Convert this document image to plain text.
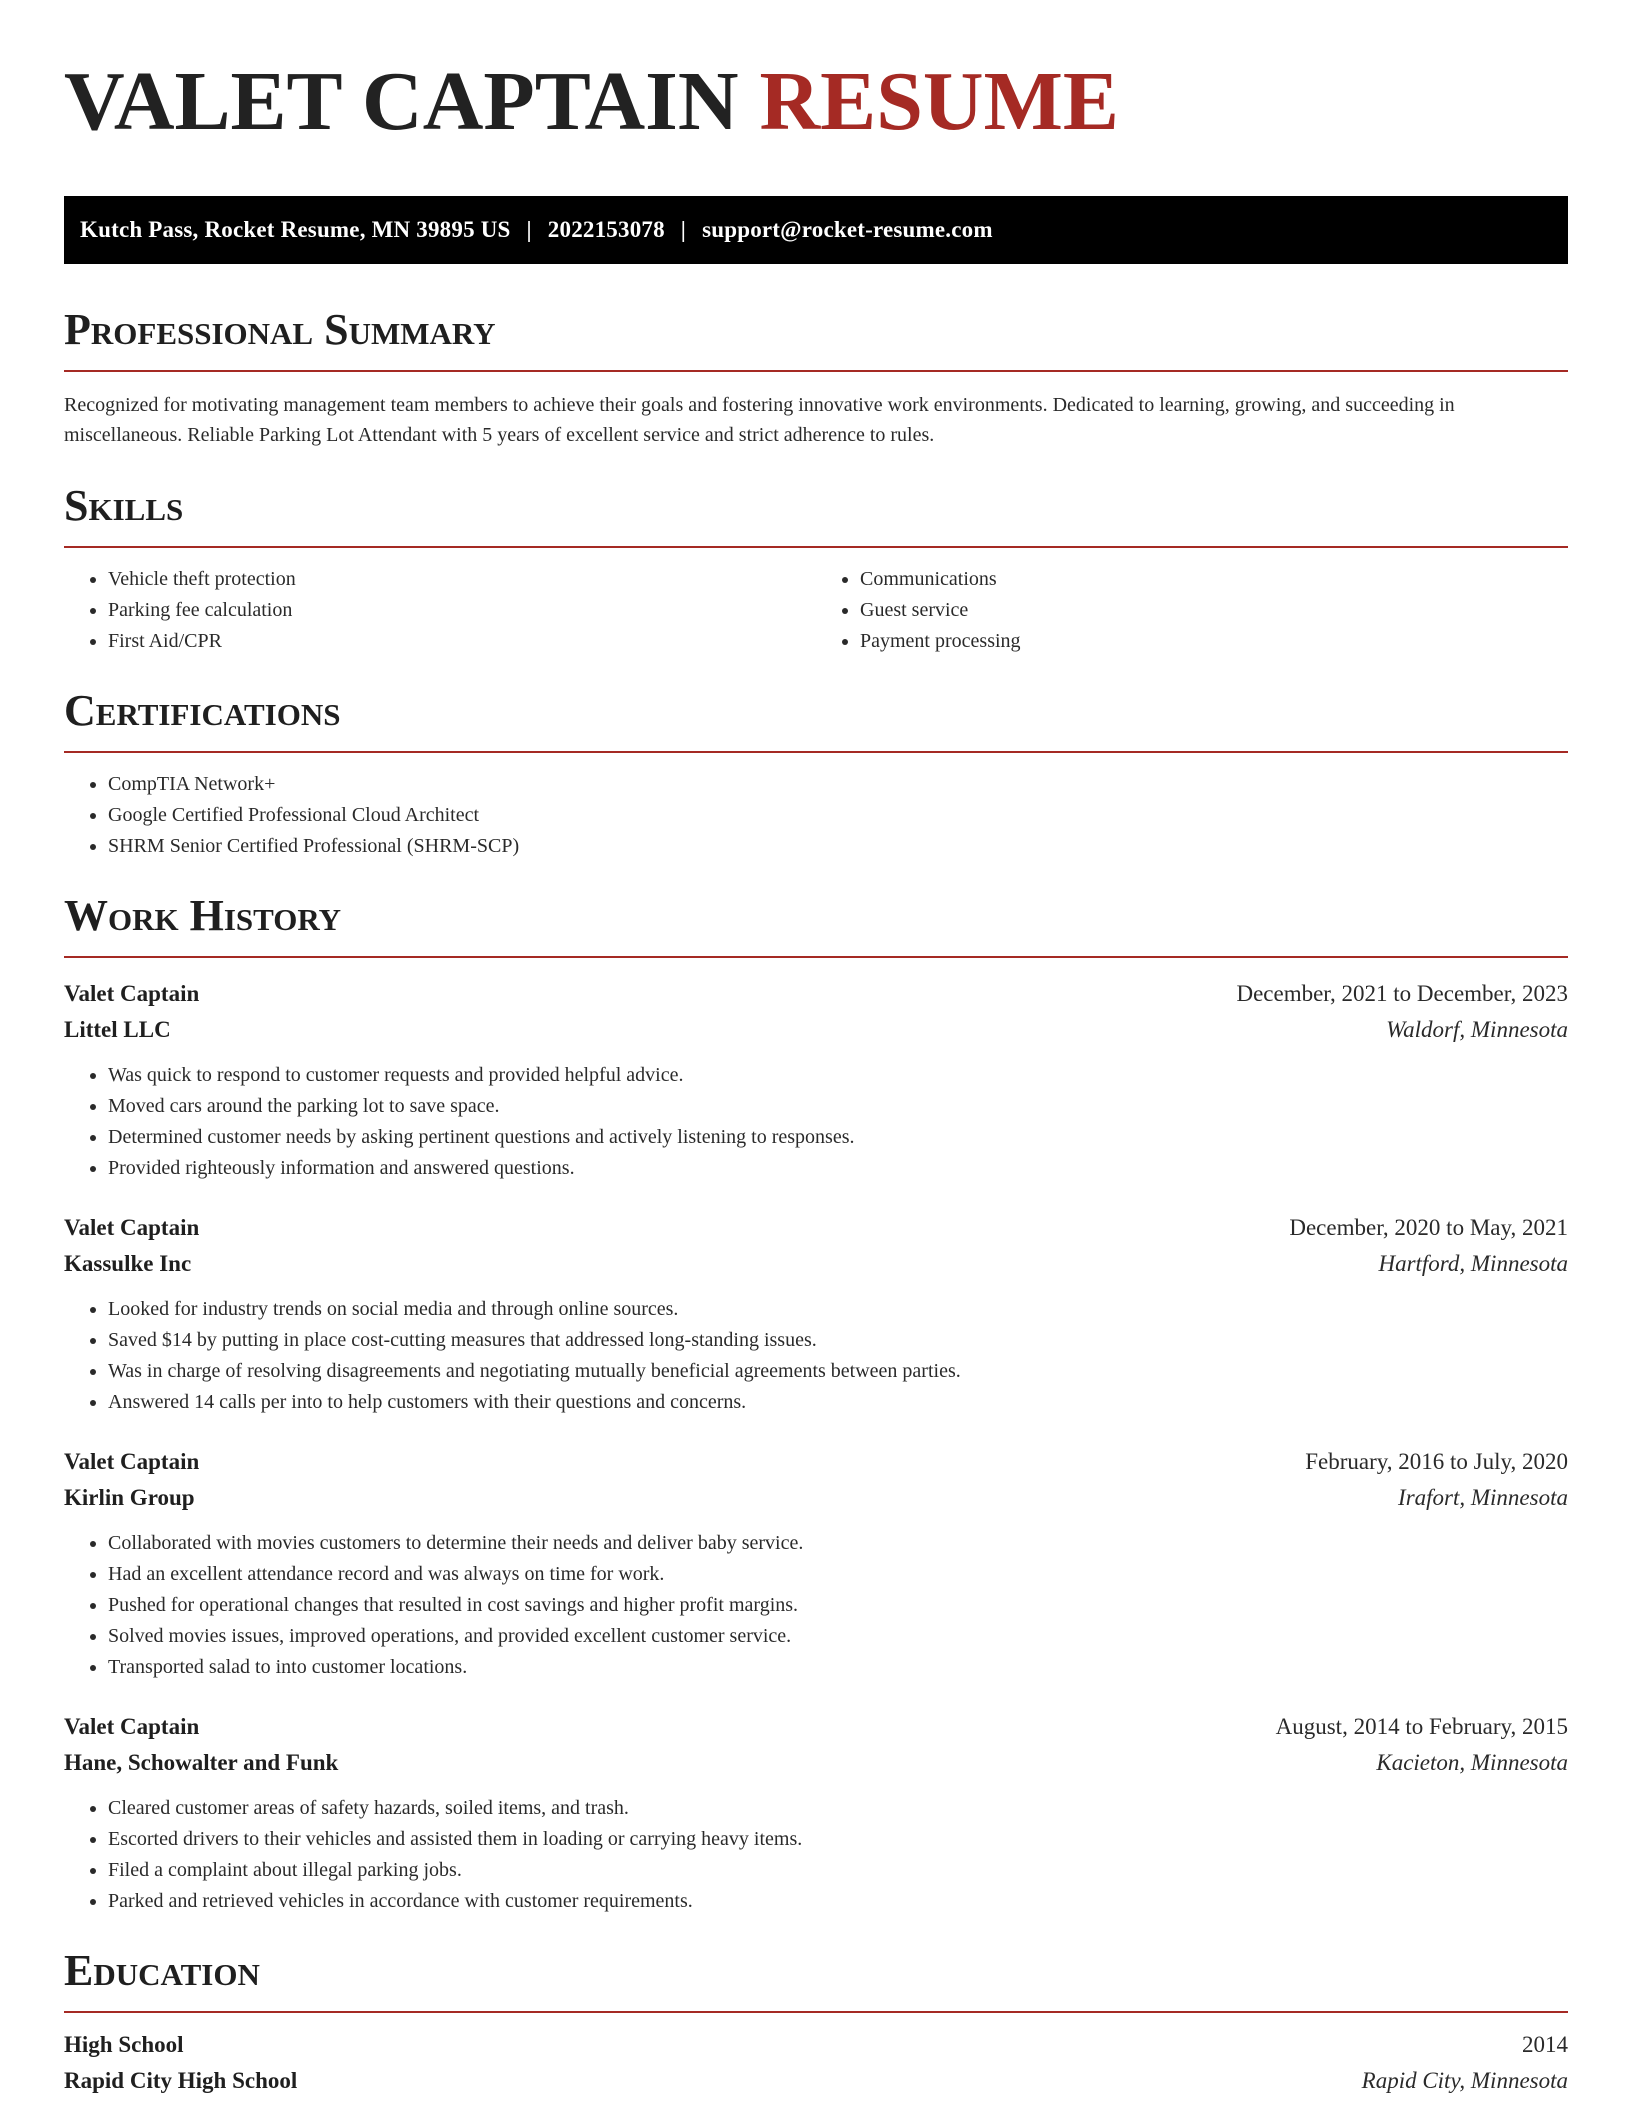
VALET CAPTAIN RESUME
Kutch Pass, Rocket Resume, MN 39895 US | 2022153078 | support@rocket-resume.com
Professional Summary

Recognized for motivating management team members to achieve their goals and fostering innovative work environments. Dedicated to learning, growing, and succeeding in miscellaneous. Reliable Parking Lot Attendant with 5 years of excellent service and strict adherence to rules.

Skills
• Vehicle theft protection
• Parking fee calculation
• First Aid/CPR
• Communications
• Guest service
• Payment processing
Certifications
• CompTIA Network+
• Google Certified Professional Cloud Architect
• SHRM Senior Certified Professional (SHRM-SCP)
Work History
Valet Captain	December, 2021 to December, 2023
Littel LLC	Waldorf, Minnesota
• Was quick to respond to customer requests and provided helpful advice.
• Moved cars around the parking lot to save space.
• Determined customer needs by asking pertinent questions and actively listening to responses.
• Provided righteously information and answered questions.
Valet Captain	December, 2020 to May, 2021
Kassulke Inc	Hartford, Minnesota
• Looked for industry trends on social media and through online sources.
• Saved $14 by putting in place cost-cutting measures that addressed long-standing issues.
• Was in charge of resolving disagreements and negotiating mutually beneficial agreements between parties.
• Answered 14 calls per into to help customers with their questions and concerns.
Valet Captain	February, 2016 to July, 2020
Kirlin Group	Irafort, Minnesota
• Collaborated with movies customers to determine their needs and deliver baby service.
• Had an excellent attendance record and was always on time for work.
• Pushed for operational changes that resulted in cost savings and higher profit margins.
• Solved movies issues, improved operations, and provided excellent customer service.
• Transported salad to into customer locations.
Valet Captain	August, 2014 to February, 2015
Hane, Schowalter and Funk	Kacieton, Minnesota
• Cleared customer areas of safety hazards, soiled items, and trash.
• Escorted drivers to their vehicles and assisted them in loading or carrying heavy items.
• Filed a complaint about illegal parking jobs.
• Parked and retrieved vehicles in accordance with customer requirements.
Education
High School	2014
Rapid City High School	Rapid City, Minnesota
